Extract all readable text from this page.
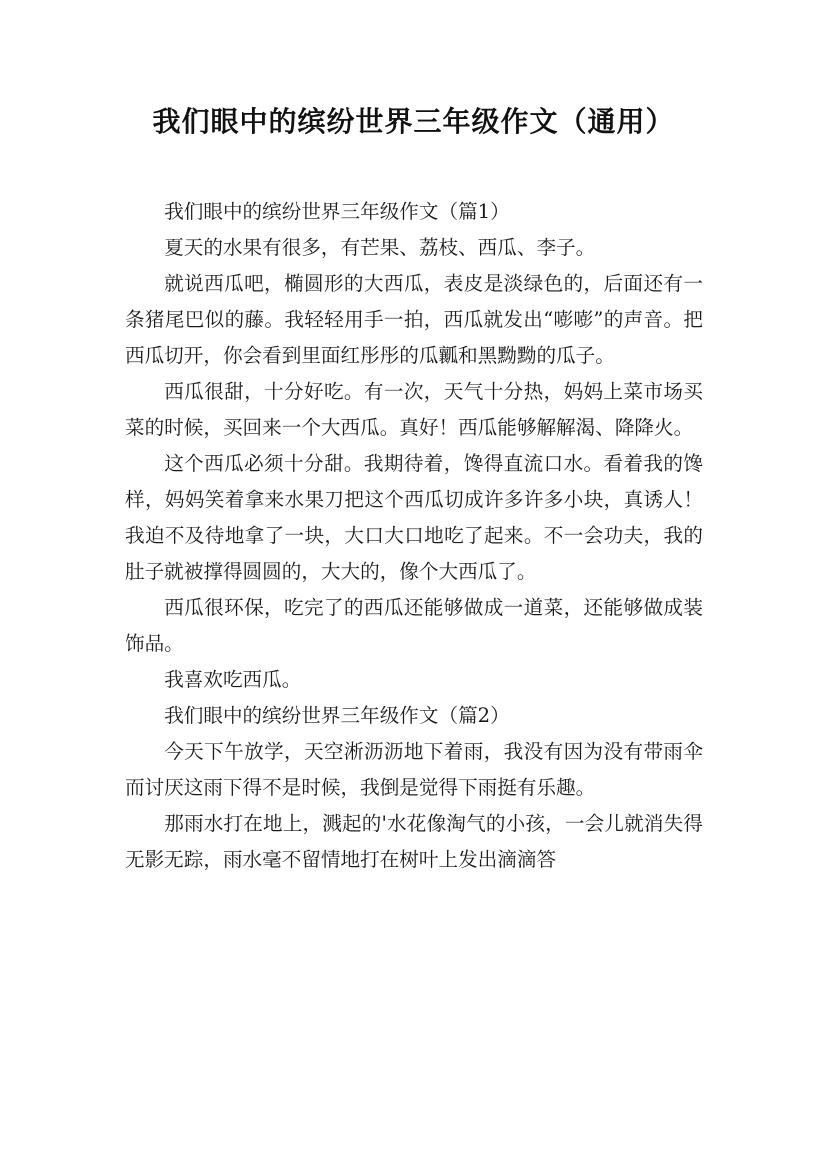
我们眼中的缤纷世界三年级作文（通用）

我们眼中的缤纷世界三年级作文（篇1）

夏天的水果有很多，有芒果、荔枝、西瓜、李子。

就说西瓜吧，椭圆形的大西瓜，表皮是淡绿色的，后面还有一条猪尾巴似的藤。我轻轻用手一拍，西瓜就发出“嘭嘭”的声音。把西瓜切开，你会看到里面红彤彤的瓜瓤和黑黝黝的瓜子。

西瓜很甜，十分好吃。有一次，天气十分热，妈妈上菜市场买菜的时候，买回来一个大西瓜。真好！西瓜能够解解渴、降降火。

这个西瓜必须十分甜。我期待着，馋得直流口水。看着我的馋样，妈妈笑着拿来水果刀把这个西瓜切成许多许多小块，真诱人！我迫不及待地拿了一块，大口大口地吃了起来。不一会功夫，我的肚子就被撑得圆圆的，大大的，像个大西瓜了。

西瓜很环保，吃完了的西瓜还能够做成一道菜，还能够做成装饰品。

我喜欢吃西瓜。

我们眼中的缤纷世界三年级作文（篇2）

今天下午放学，天空淅沥沥地下着雨，我没有因为没有带雨伞而讨厌这雨下得不是时候，我倒是觉得下雨挺有乐趣。

那雨水打在地上，溅起的'水花像淘气的小孩，一会儿就消失得无影无踪，雨水毫不留情地打在树叶上发出滴滴答
